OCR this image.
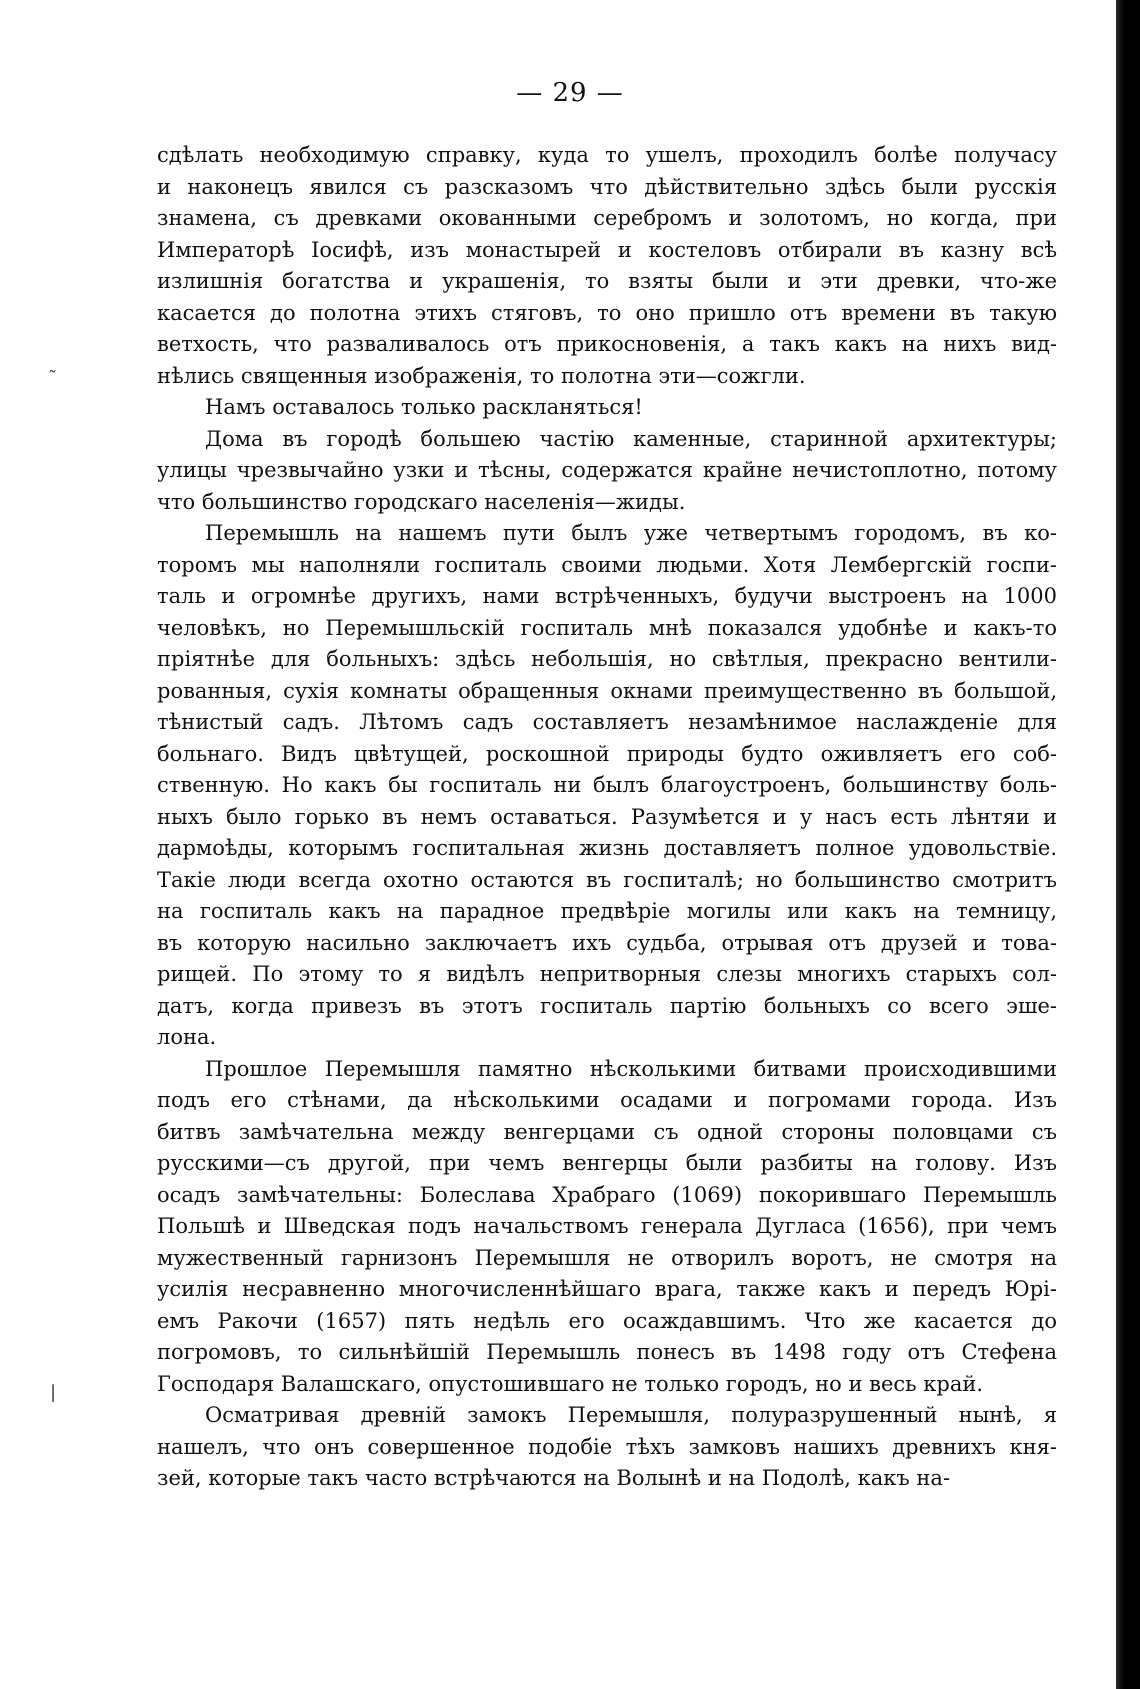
— 29 —
˜
|
сдѣлать необходимую справку, куда то ушелъ, проходилъ болѣе получасу
и наконецъ явился съ разсказомъ что дѣйствительно здѣсь были русскія
знамена, съ древками окованными серебромъ и золотомъ, но когда, при
Императорѣ Іосифѣ, изъ монастырей и костеловъ отбирали въ казну всѣ
излишнія богатства и украшенія, то взяты были и эти древки, что-же
касается до полотна этихъ стяговъ, то оно пришло отъ времени въ такую
ветхость, что разваливалось отъ прикосновенія, а такъ какъ на нихъ вид-
нѣлись священныя изображенія, то полотна эти—сожгли.
Намъ оставалось только раскланяться!
Дома въ городѣ большею частію каменные, старинной архитектуры;
улицы чрезвычайно узки и тѣсны, содержатся крайне нечистоплотно, потому
что большинство городскаго населенія—жиды.
Перемышль на нашемъ пути былъ уже четвертымъ городомъ, въ ко-
торомъ мы наполняли госпиталь своими людьми. Хотя Лембергскій госпи-
таль и огромнѣе другихъ, нами встрѣченныхъ, будучи выстроенъ на 1000
человѣкъ, но Перемышльскій госпиталь мнѣ показался удобнѣе и какъ-то
пріятнѣе для больныхъ: здѣсь небольшія, но свѣтлыя, прекрасно вентили-
рованныя, сухія комнаты обращенныя окнами преимущественно въ большой,
тѣнистый садъ. Лѣтомъ садъ составляетъ незамѣнимое наслажденіе для
больнаго. Видъ цвѣтущей, роскошной природы будто оживляетъ его соб-
ственную. Но какъ бы госпиталь ни былъ благоустроенъ, большинству боль-
ныхъ было горько въ немъ оставаться. Разумѣется и у насъ есть лѣнтяи и
дармоѣды, которымъ госпитальная жизнь доставляетъ полное удовольствіе.
Такіе люди всегда охотно остаются въ госпиталѣ; но большинство смотритъ
на госпиталь какъ на парадное предвѣріе могилы или какъ на темницу,
въ которую насильно заключаетъ ихъ судьба, отрывая отъ друзей и това-
рищей. По этому то я видѣлъ непритворныя слезы многихъ старыхъ сол-
датъ, когда привезъ въ этотъ госпиталь партію больныхъ со всего эше-
лона.
Прошлое Перемышля памятно нѣсколькими битвами происходившими
подъ его стѣнами, да нѣсколькими осадами и погромами города. Изъ
битвъ замѣчательна между венгерцами съ одной стороны половцами съ
русскими—съ другой, при чемъ венгерцы были разбиты на голову. Изъ
осадъ замѣчательны: Болеслава Храбраго (1069) покорившаго Перемышль
Польшѣ и Шведская подъ начальствомъ генерала Дугласа (1656), при чемъ
мужественный гарнизонъ Перемышля не отворилъ воротъ, не смотря на
усилія несравненно многочисленнѣйшаго врага, также какъ и передъ Юрі-
емъ Ракочи (1657) пять недѣль его осаждавшимъ. Что же касается до
погромовъ, то сильнѣйшій Перемышль понесъ въ 1498 году отъ Стефена
Господаря Валашскаго, опустошившаго не только городъ, но и весь край.
Осматривая древній замокъ Перемышля, полуразрушенный нынѣ, я
нашелъ, что онъ совершенное подобіе тѣхъ замковъ нашихъ древнихъ кня-
зей, которые такъ часто встрѣчаются на Волынѣ и на Подолѣ, какъ на-
